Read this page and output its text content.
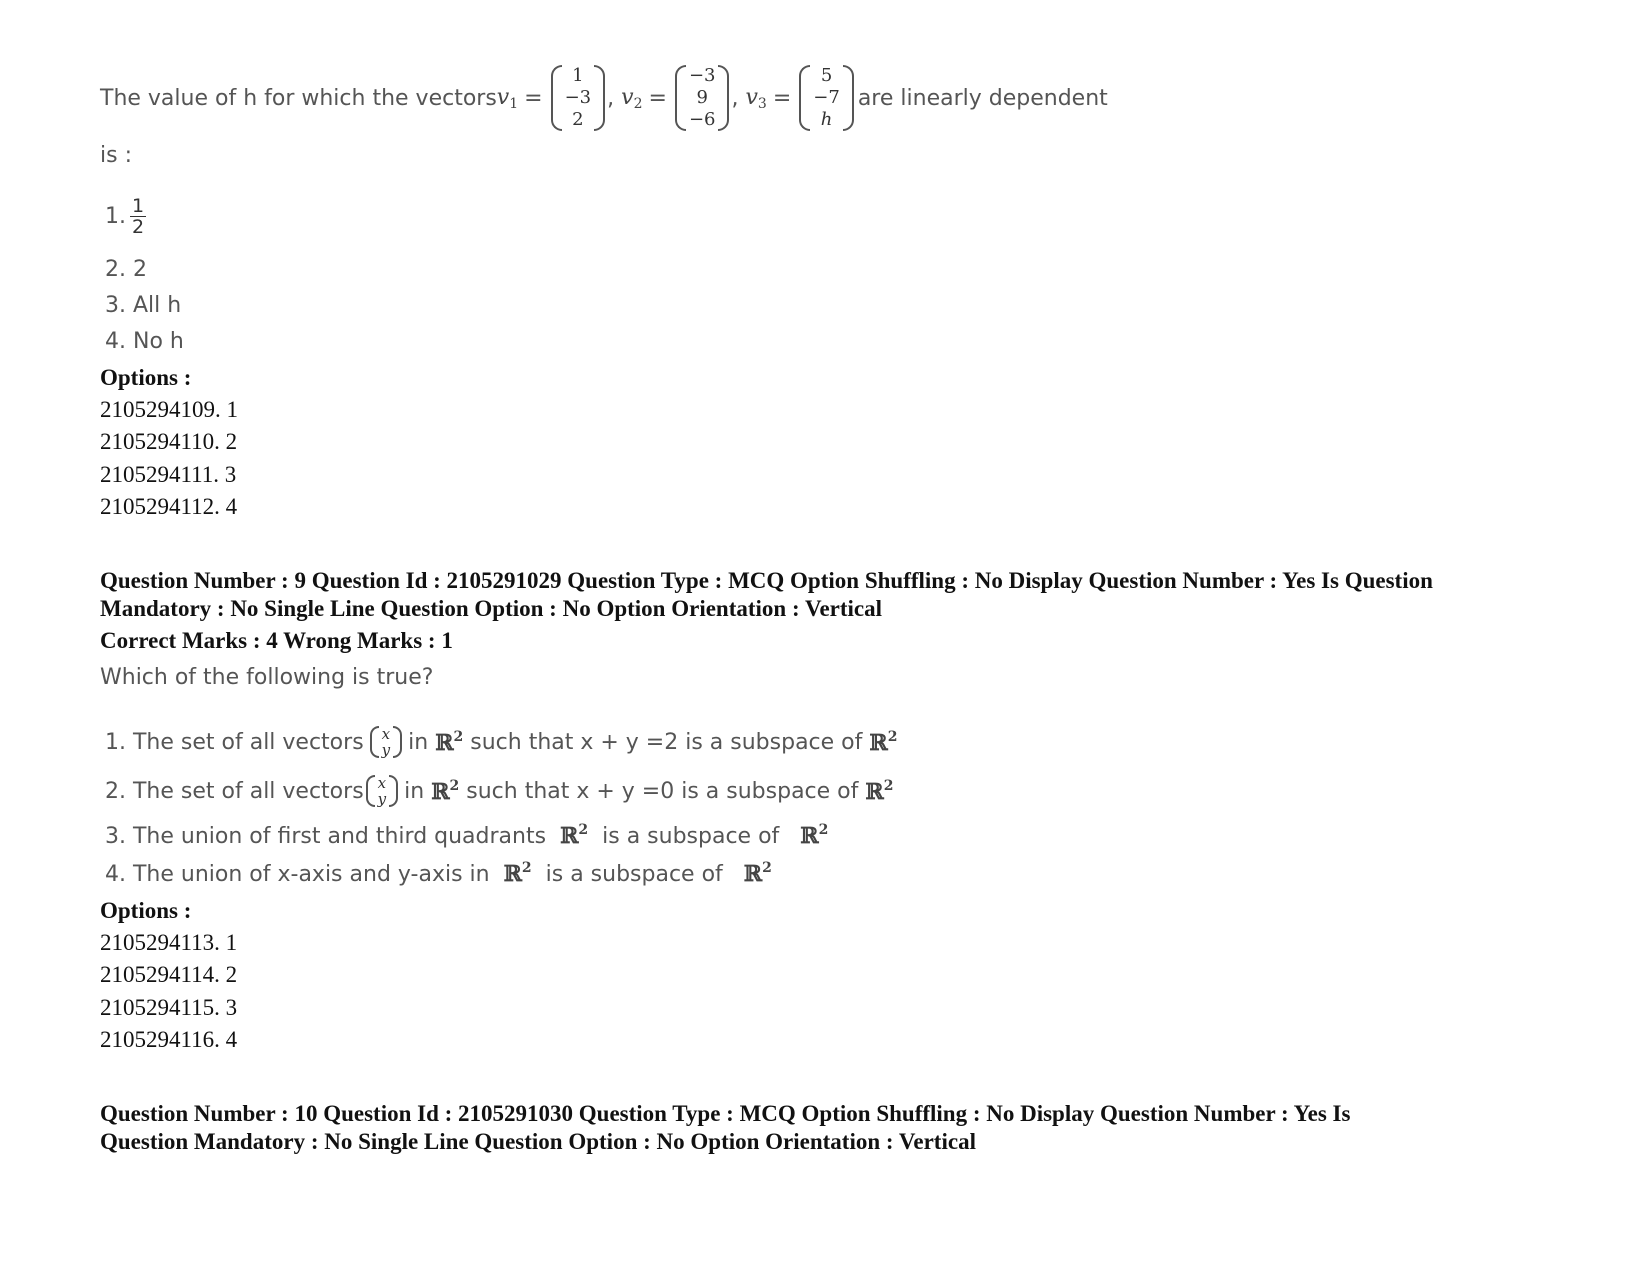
The value of h for which the vectors $v_1$ =
1
−3
2
, $v_2$ =
−3
9
−6
, $v_3$ =
5
−7
h
are linearly dependent
is :
1. $\frac{1}{2}$
2. 2
3. All h
4. No h
Options :
2105294109. 1
2105294110. 2
2105294111. 3
2105294112. 4
Question Number : 9 Question Id : 2105291029 Question Type : MCQ Option Shuffling : No Display Question Number : Yes Is Question
Mandatory : No Single Line Question Option : No Option Orientation : Vertical
Correct Marks : 4 Wrong Marks : 1
Which of the following is true?
1. The set of all vectors x
y in
ℝ$^2$
such that x + y =2 is a subspace of
ℝ$^2$
2. The set of all vectors x
y in
ℝ$^2$
such that x + y =0 is a subspace of
ℝ$^2$
3. The union of first and third quadrants ℝ$^2$ is a subspace of ℝ$^2$
4. The union of x-axis and y-axis in ℝ$^2$ is a subspace of ℝ$^2$
Options :
2105294113. 1
2105294114. 2
2105294115. 3
2105294116. 4
Question Number : 10 Question Id : 2105291030 Question Type : MCQ Option Shuffling : No Display Question Number : Yes Is
Question Mandatory : No Single Line Question Option : No Option Orientation : Vertical
